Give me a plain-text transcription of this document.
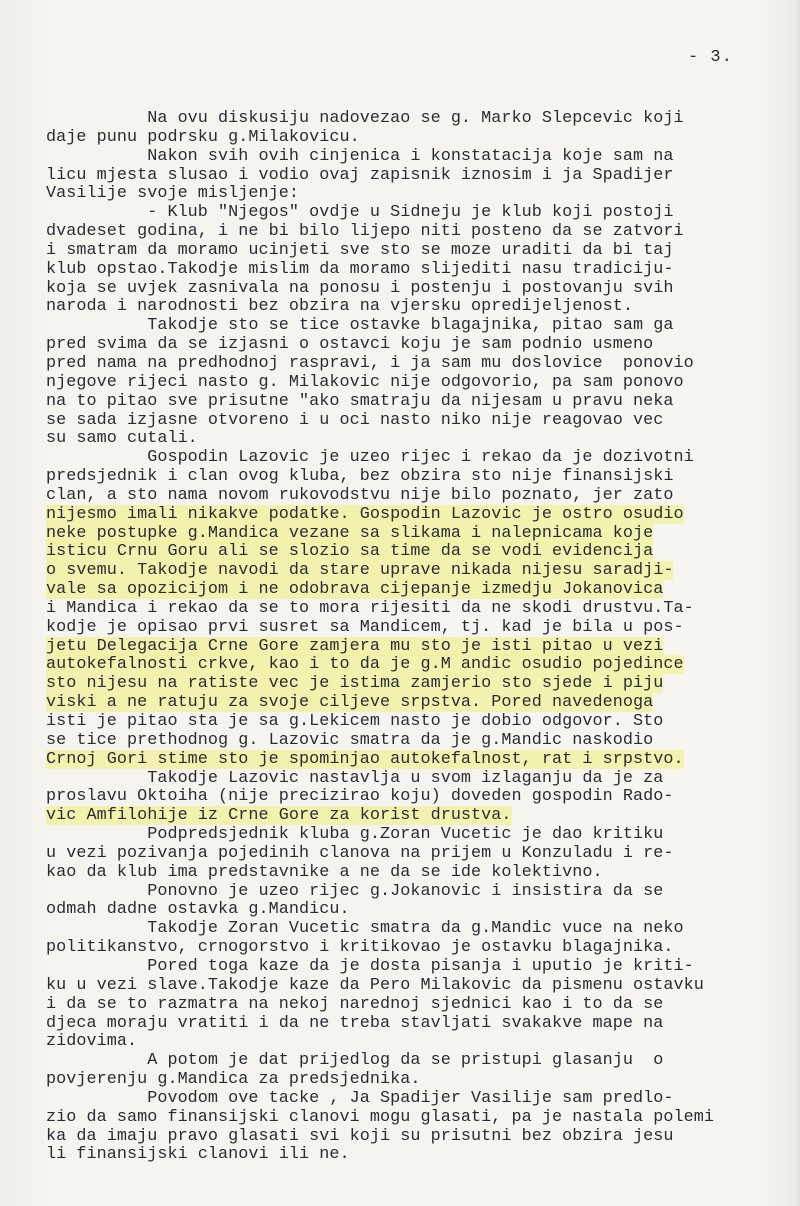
- 3.
Na ovu diskusiju nadovezao se g. Marko Slepcevic koji
daje punu podrsku g.Milakovicu.
Nakon svih ovih cinjenica i konstatacija koje sam na
licu mjesta slusao i vodio ovaj zapisnik iznosim i ja Spadijer
Vasilije svoje misljenje:
- Klub "Njegos" ovdje u Sidneju je klub koji postoji
dvadeset godina, i ne bi bilo lijepo niti posteno da se zatvori
i smatram da moramo ucinjeti sve sto se moze uraditi da bi taj
klub opstao.Takodje mislim da moramo slijediti nasu tradiciju-
koja se uvjek zasnivala na ponosu i postenju i postovanju svih
naroda i narodnosti bez obzira na vjersku opredijeljenost.
Takodje sto se tice ostavke blagajnika, pitao sam ga
pred svima da se izjasni o ostavci koju je sam podnio usmeno
pred nama na predhodnoj raspravi, i ja sam mu doslovice  ponovio
njegove rijeci nasto g. Milakovic nije odgovorio, pa sam ponovo
na to pitao sve prisutne "ako smatraju da nijesam u pravu neka
se sada izjasne otvoreno i u oci nasto niko nije reagovao vec
su samo cutali.
Gospodin Lazovic je uzeo rijec i rekao da je dozivotni
predsjednik i clan ovog kluba, bez obzira sto nije finansijski
clan, a sto nama novom rukovodstvu nije bilo poznato, jer zato
nijesmo imali nikakve podatke. Gospodin Lazovic je ostro osudio
neke postupke g.Mandica vezane sa slikama i nalepnicama koje
isticu Crnu Goru ali se slozio sa time da se vodi evidencija
o svemu. Takodje navodi da stare uprave nikada nijesu saradji-
vale sa opozicijom i ne odobrava cijepanje izmedju Jokanovica
i Mandica i rekao da se to mora rijesiti da ne skodi drustvu.Ta-
kodje je opisao prvi susret sa Mandicem, tj. kad je bila u pos-
jetu Delegacija Crne Gore zamjera mu sto je isti pitao u vezi
autokefalnosti crkve, kao i to da je g.M andic osudio pojedince
sto nijesu na ratiste vec je istima zamjerio sto sjede i piju
viski a ne ratuju za svoje ciljeve srpstva. Pored navedenoga
isti je pitao sta je sa g.Lekicem nasto je dobio odgovor. Sto
se tice prethodnog g. Lazovic smatra da je g.Mandic naskodio
Crnoj Gori stime sto je spominjao autokefalnost, rat i srpstvo.
Takodje Lazovic nastavlja u svom izlaganju da je za
proslavu Oktoiha (nije precizirao koju) doveden gospodin Rado-
vic Amfilohije iz Crne Gore za korist drustva.
Podpredsjednik kluba g.Zoran Vucetic je dao kritiku
u vezi pozivanja pojedinih clanova na prijem u Konzuladu i re-
kao da klub ima predstavnike a ne da se ide kolektivno.
Ponovno je uzeo rijec g.Jokanovic i insistira da se
odmah dadne ostavka g.Mandicu.
Takodje Zoran Vucetic smatra da g.Mandic vuce na neko
politikanstvo, crnogorstvo i kritikovao je ostavku blagajnika.
Pored toga kaze da je dosta pisanja i uputio je kriti-
ku u vezi slave.Takodje kaze da Pero Milakovic da pismenu ostavku
i da se to razmatra na nekoj narednoj sjednici kao i to da se
djeca moraju vratiti i da ne treba stavljati svakakve mape na
zidovima.
A potom je dat prijedlog da se pristupi glasanju  o
povjerenju g.Mandica za predsjednika.
Povodom ove tacke , Ja Spadijer Vasilije sam predlo-
zio da samo finansijski clanovi mogu glasati, pa je nastala polemi
ka da imaju pravo glasati svi koji su prisutni bez obzira jesu
li finansijski clanovi ili ne.
